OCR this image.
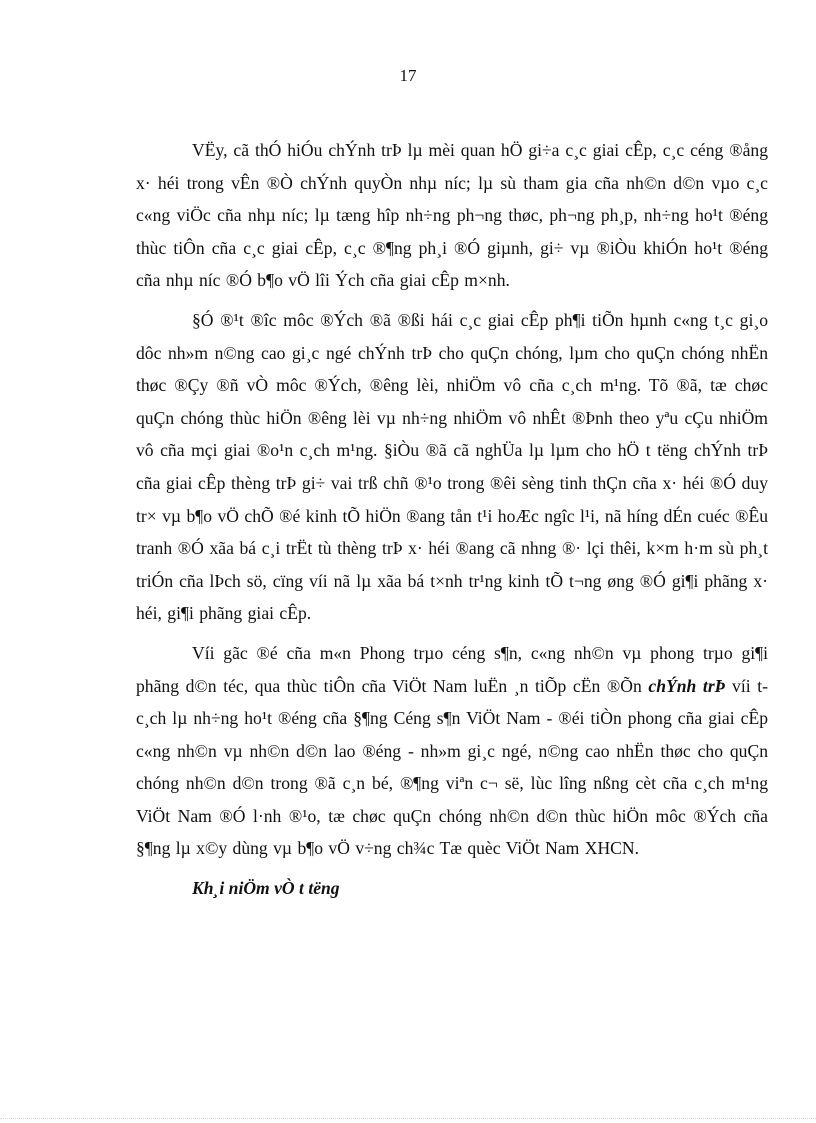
17

VËy, cã thÓ hiÓu chÝnh trÞ lµ mèi quan hÖ gi÷a c¸c giai cÊp, c¸c céng ®ång x· héi trong vÊn ®Ò chÝnh quyÒn nhµ níc; lµ sù tham gia cña nh©n d©n vµo c¸c c«ng viÖc cña nhµ níc; lµ tæng hîp nh÷ng ph¬ng thøc, ph¬ng ph¸p, nh÷ng ho¹t ®éng thùc tiÔn cña c¸c giai cÊp, c¸c ®¶ng ph¸i ®Ó giµnh, gi÷ vµ ®iÒu khiÓn ho¹t ®éng cña nhµ níc ®Ó b¶o vÖ lîi Ých cña giai cÊp m×nh.

§Ó ®¹t ®îc môc ®Ých ®ã ®ßi hái c¸c giai cÊp ph¶i tiÕn hµnh c«ng t¸c gi¸o dôc nh»m n©ng cao gi¸c ngé chÝnh trÞ cho quÇn chóng, lµm cho quÇn chóng nhËn thøc ®Çy ®ñ vÒ môc ®Ých, ®êng lèi, nhiÖm vô cña c¸ch m¹ng. Tõ ®ã, tæ chøc quÇn chóng thùc hiÖn ®êng lèi vµ nh÷ng nhiÖm vô nhÊt ®Þnh theo yªu cÇu nhiÖm vô cña mçi giai ®o¹n c¸ch m¹ng. §iÒu ®ã cã nghÜa lµ lµm cho hÖ t tëng chÝnh trÞ cña giai cÊp thèng trÞ gi÷ vai trß chñ ®¹o trong ®êi sèng tinh thÇn cña x· héi ®Ó duy tr× vµ b¶o vÖ chÕ ®é kinh tÕ hiÖn ®ang tån t¹i hoÆc ngîc l¹i, nã híng dÉn cuéc ®Êu tranh ®Ó xãa bá c¸i trËt tù thèng trÞ x· héi ®ang cã nhng ®· lçi thêi, k×m h·m sù ph¸t triÓn cña lÞch sö, cïng víi nã lµ xãa bá t×nh tr¹ng kinh tÕ t¬ng øng ®Ó gi¶i phãng x· héi, gi¶i phãng giai cÊp.

Víi gãc ®é cña m«n Phong trµo céng s¶n, c«ng nh©n vµ phong trµo gi¶i phãng d©n téc, qua thùc tiÔn cña ViÖt Nam luËn ¸n tiÕp cËn ®Õn chÝnh trÞ víi t c¸ch lµ nh÷ng ho¹t ®éng cña §¶ng Céng s¶n ViÖt Nam - ®éi tiÒn phong cña giai cÊp c«ng nh©n vµ nh©n d©n lao ®éng - nh»m gi¸c ngé, n©ng cao nhËn thøc cho quÇn chóng nh©n d©n trong ®ã c¸n bé, ®¶ng viªn c¬ së, lùc lîng nßng cèt cña c¸ch m¹ng ViÖt Nam ®Ó l·nh ®¹o, tæ chøc quÇn chóng nh©n d©n thùc hiÖn môc ®Ých cña §¶ng lµ x©y dùng vµ b¶o vÖ v÷ng ch¾c Tæ quèc ViÖt Nam XHCN.

Kh¸i niÖm vÒ t tëng
